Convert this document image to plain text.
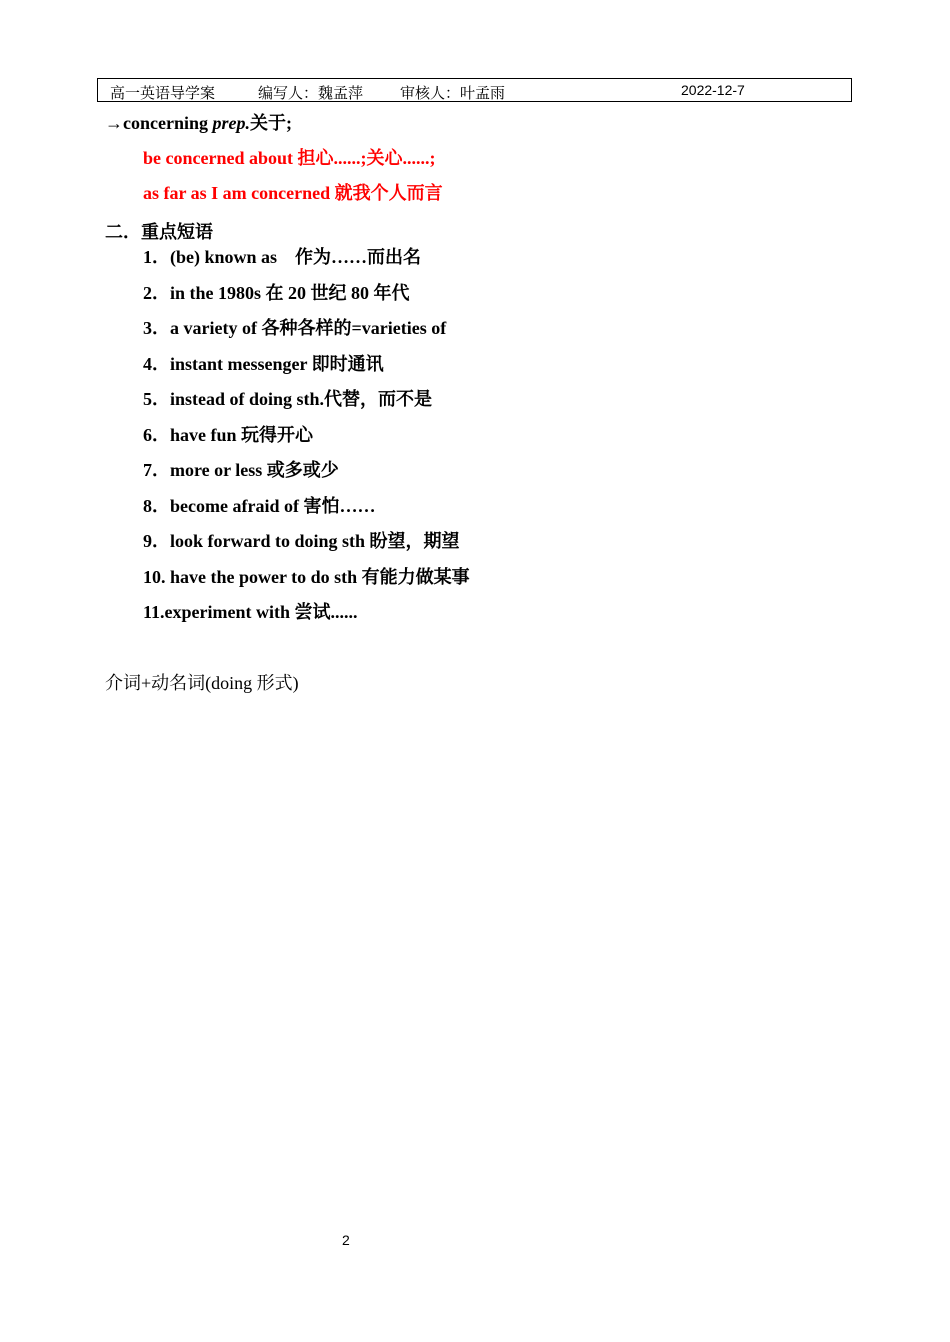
高一英语导学案	编写人：魏孟萍 审核人：叶孟雨	2022-12-7
→concerning prep.关于;
be concerned about 担心......;关心......;
as far as I am concerned 就我个人而言
二．重点短语
1．(be) known as　作为……而出名
2．in the 1980s 在 20 世纪 80 年代
3．a variety of 各种各样的=varieties of
4．instant messenger 即时通讯
5．instead of doing sth.代替，而不是
6．have fun 玩得开心
7．more or less 或多或少
8．become afraid of 害怕……
9．look forward to doing sth 盼望，期望
10. have the power to do sth 有能力做某事
11.experiment with 尝试......
介词+动名词(doing 形式)
2
